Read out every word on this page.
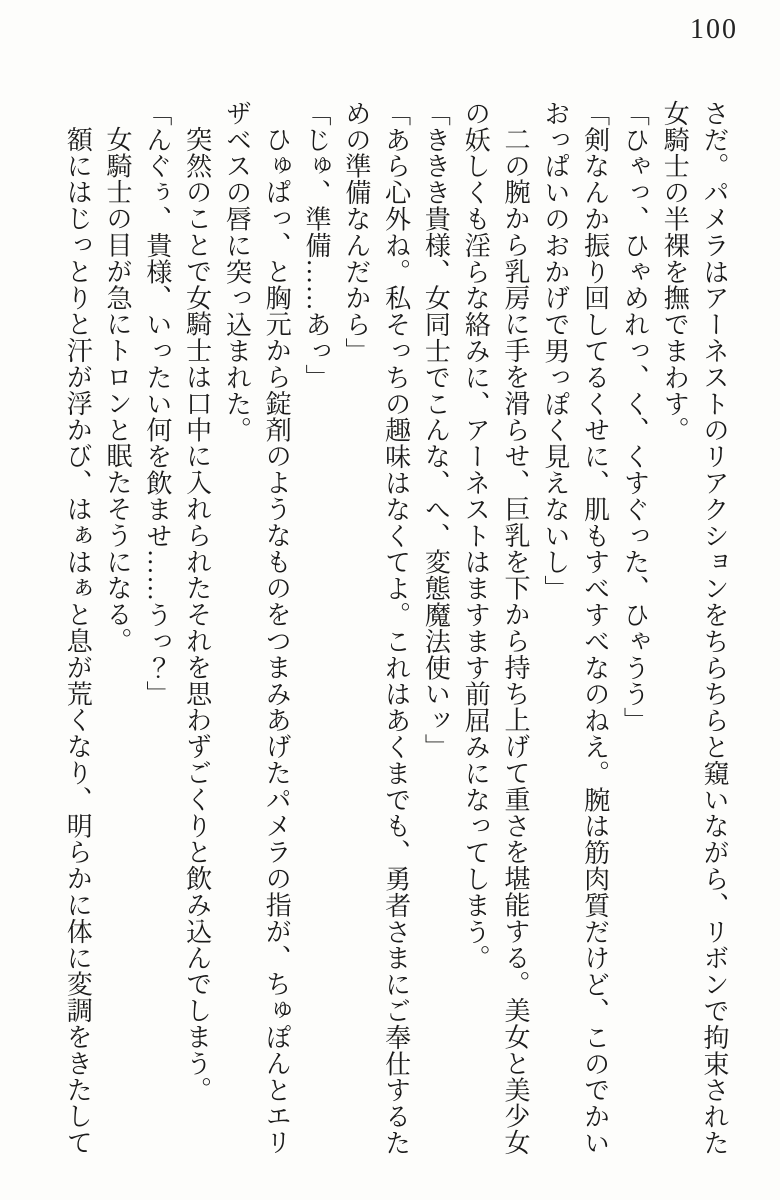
100

さだ。パメラはアーネストのリアクションをちらちらと窺いながら、リボンで拘束された

女騎士の半裸を撫でまわす。

「ひゃっ、ひゃめれっ、く、くすぐった、ひゃうう」

「剣なんか振り回してるくせに、肌もすべすべなのねえ。腕は筋肉質だけど、このでかい

おっぱいのおかげで男っぽく見えないし」

二の腕から乳房に手を滑らせ、巨乳を下から持ち上げて重さを堪能する。美女と美少女

の妖しくも淫らな絡みに、アーネストはますます前屈みになってしまう。

「ききき貴様、女同士でこんな、へ、変態魔法使いッ」

「あら心外ね。私そっちの趣味はなくてよ。これはあくまでも、勇者さまにご奉仕するた

めの準備なんだから」

「じゅ、準備……あっ」

ひゅぱっ、と胸元から錠剤のようなものをつまみあげたパメラの指が、ちゅぽんとエリ

ザベスの唇に突っ込まれた。

突然のことで女騎士は口中に入れられたそれを思わずごくりと飲み込んでしまう。

「んぐぅ、貴様、いったい何を飲ませ……うっ？」

女騎士の目が急にトロンと眠たそうになる。

額にはじっとりと汗が浮かび、はぁはぁと息が荒くなり、明らかに体に変調をきたして
